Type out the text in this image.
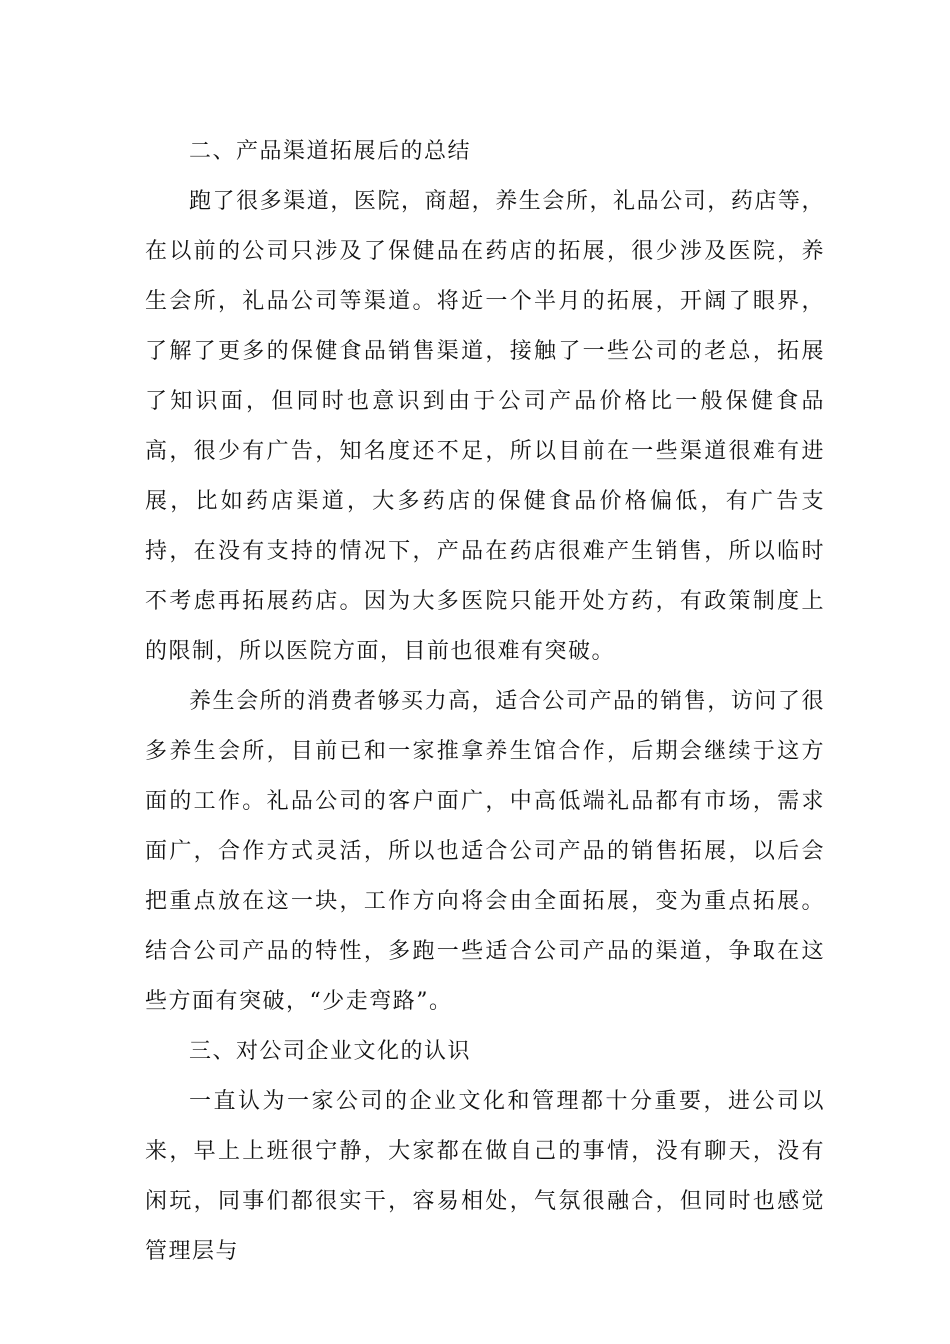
二、产品渠道拓展后的总结

跑了很多渠道，医院，商超，养生会所，礼品公司，药店等，在以前的公司只涉及了保健品在药店的拓展，很少涉及医院，养生会所，礼品公司等渠道。将近一个半月的拓展，开阔了眼界，了解了更多的保健食品销售渠道，接触了一些公司的老总，拓展了知识面，但同时也意识到由于公司产品价格比一般保健食品高，很少有广告，知名度还不足，所以目前在一些渠道很难有进展，比如药店渠道，大多药店的保健食品价格偏低，有广告支持，在没有支持的情况下，产品在药店很难产生销售，所以临时不考虑再拓展药店。因为大多医院只能开处方药，有政策制度上的限制，所以医院方面，目前也很难有突破。

养生会所的消费者够买力高，适合公司产品的销售，访问了很多养生会所，目前已和一家推拿养生馆合作，后期会继续于这方面的工作。礼品公司的客户面广，中高低端礼品都有市场，需求面广，合作方式灵活，所以也适合公司产品的销售拓展，以后会把重点放在这一块，工作方向将会由全面拓展，变为重点拓展。结合公司产品的特性，多跑一些适合公司产品的渠道，争取在这些方面有突破，“少走弯路”。

三、对公司企业文化的认识

一直认为一家公司的企业文化和管理都十分重要，进公司以来，早上上班很宁静，大家都在做自己的事情，没有聊天，没有闲玩，同事们都很实干，容易相处，气氛很融合，但同时也感觉管理层与
